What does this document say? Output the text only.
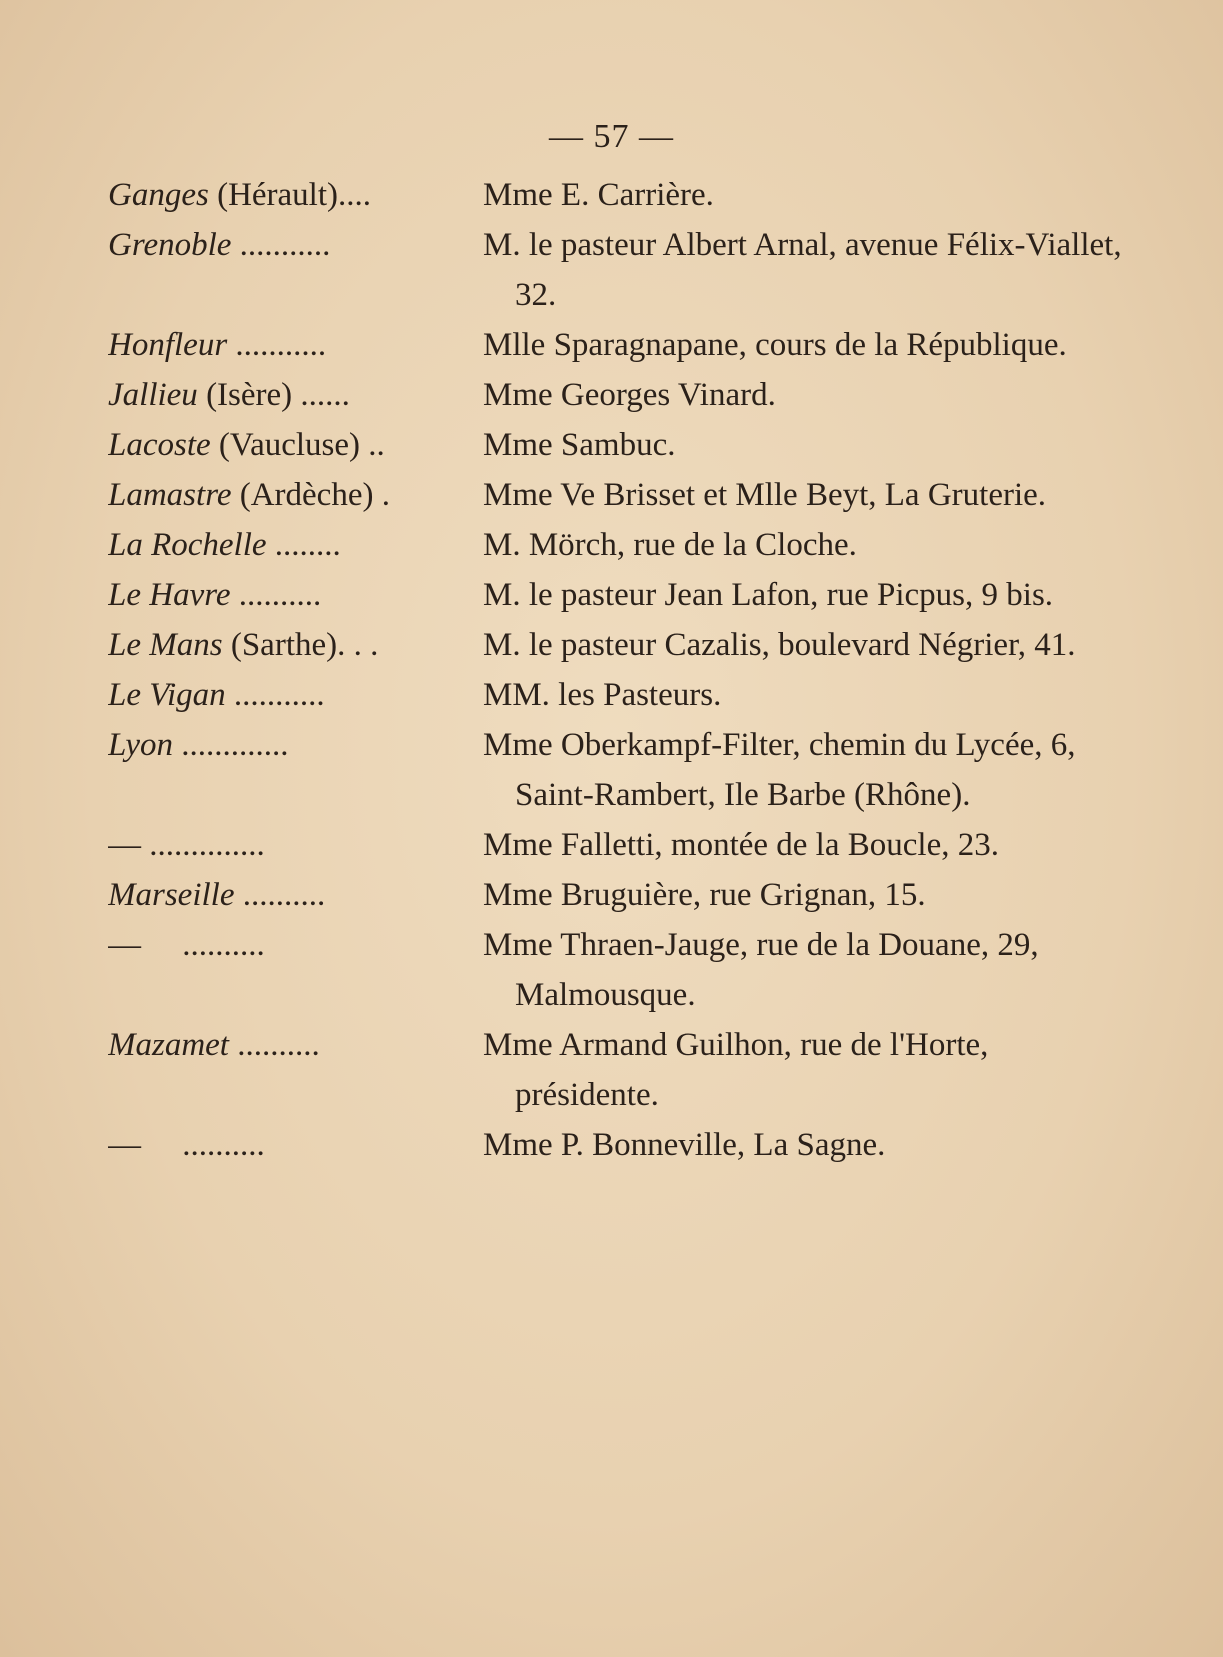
— 57 —
Ganges (Hérault)....	Mme E. Carrière.
Grenoble ...........	M. le pasteur Albert Arnal, avenue Félix-Viallet, 32.
Honfleur ...........	Mlle Sparagnapane, cours de la République.
Jallieu (Isère) ......	Mme Georges Vinard.
Lacoste (Vaucluse) ..	Mme Sambuc.
Lamastre (Ardèche) .	Mme Ve Brisset et Mlle Beyt, La Gruterie.
La Rochelle ........	M. Mörch, rue de la Cloche.
Le Havre ..........	M. le pasteur Jean Lafon, rue Picpus, 9 bis.
Le Mans (Sarthe). . .	M. le pasteur Cazalis, boulevard Négrier, 41.
Le Vigan ...........	MM. les Pasteurs.
Lyon .............	Mme Oberkampf-Filter, chemin du Lycée, 6, Saint-Rambert, Ile Barbe (Rhône).
— ..............	Mme Falletti, montée de la Boucle, 23.
Marseille ..........	Mme Bruguière, rue Grignan, 15.
—     ..........	Mme Thraen-Jauge, rue de la Douane, 29, Malmousque.
Mazamet ..........	Mme Armand Guilhon, rue de l'Horte, présidente.
—     ..........	Mme P. Bonneville, La Sagne.
